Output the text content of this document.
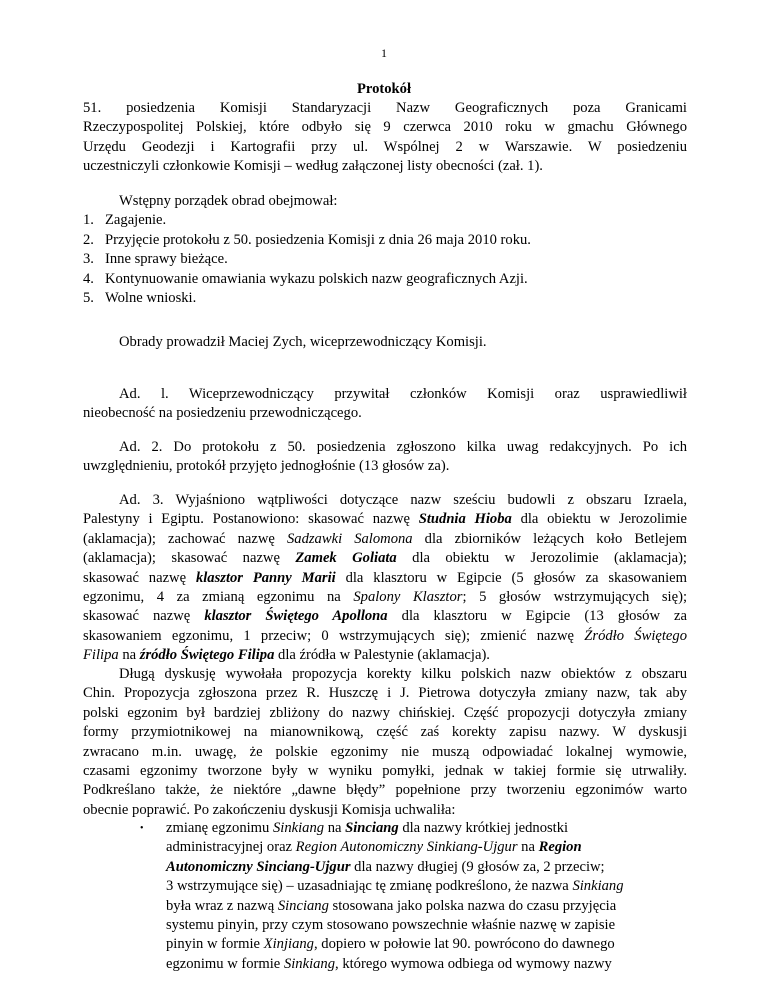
1
Protokół
51. posiedzenia Komisji Standaryzacji Nazw Geograficznych poza Granicami
Rzeczypospolitej Polskiej, które odbyło się 9 czerwca 2010 roku w gmachu Głównego
Urzędu Geodezji i Kartografii przy ul. Wspólnej 2 w Warszawie. W posiedzeniu
uczestniczyli członkowie Komisji – według załączonej listy obecności (zał. 1).
Wstępny porządek obrad obejmował:
1. Zagajenie.
2. Przyjęcie protokołu z 50. posiedzenia Komisji z dnia 26 maja 2010 roku.
3. Inne sprawy bieżące.
4. Kontynuowanie omawiania wykazu polskich nazw geograficznych Azji.
5. Wolne wnioski.
Obrady prowadził Maciej Zych, wiceprzewodniczący Komisji.
Ad. l. Wiceprzewodniczący przywitał członków Komisji oraz usprawiedliwił
nieobecność na posiedzeniu przewodniczącego.
Ad. 2. Do protokołu z 50. posiedzenia zgłoszono kilka uwag redakcyjnych. Po ich
uwzględnieniu, protokół przyjęto jednogłośnie (13 głosów za).
Ad. 3. Wyjaśniono wątpliwości dotyczące nazw sześciu budowli z obszaru Izraela,
Palestyny i Egiptu. Postanowiono: skasować nazwę Studnia Hioba dla obiektu w Jerozolimie
(aklamacja); zachować nazwę Sadzawki Salomona dla zbiorników leżących koło Betlejem
(aklamacja); skasować nazwę Zamek Goliata dla obiektu w Jerozolimie (aklamacja);
skasować nazwę klasztor Panny Marii dla klasztoru w Egipcie (5 głosów za skasowaniem
egzonimu, 4 za zmianą egzonimu na Spalony Klasztor; 5 głosów wstrzymujących się);
skasować nazwę klasztor Świętego Apollona dla klasztoru w Egipcie (13 głosów za
skasowaniem egzonimu, 1 przeciw; 0 wstrzymujących się); zmienić nazwę Źródło Świętego
Filipa na źródło Świętego Filipa dla źródła w Palestynie (aklamacja).
Długą dyskusję wywołała propozycja korekty kilku polskich nazw obiektów z obszaru
Chin. Propozycja zgłoszona przez R. Huszczę i J. Pietrowa dotyczyła zmiany nazw, tak aby
polski egzonim był bardziej zbliżony do nazwy chińskiej. Część propozycji dotyczyła zmiany
formy przymiotnikowej na mianownikową, część zaś korekty zapisu nazwy. W dyskusji
zwracano m.in. uwagę, że polskie egzonimy nie muszą odpowiadać lokalnej wymowie,
czasami egzonimy tworzone były w wyniku pomyłki, jednak w takiej formie się utrwaliły.
Podkreślano także, że niektóre „dawne błędy” popełnione przy tworzeniu egzonimów warto
obecnie poprawić. Po zakończeniu dyskusji Komisja uchwaliła:
• zmianę egzonimu Sinkiang na Sinciang dla nazwy krótkiej jednostki
administracyjnej oraz Region Autonomiczny Sinkiang-Ujgur na Region
Autonomiczny Sinciang-Ujgur dla nazwy długiej (9 głosów za, 2 przeciw;
3 wstrzymujące się) – uzasadniając tę zmianę podkreślono, że nazwa Sinkiang
była wraz z nazwą Sinciang stosowana jako polska nazwa do czasu przyjęcia
systemu pinyin, przy czym stosowano powszechnie właśnie nazwę w zapisie
pinyin w formie Xinjiang, dopiero w połowie lat 90. powrócono do dawnego
egzonimu w formie Sinkiang, którego wymowa odbiega od wymowy nazwy
